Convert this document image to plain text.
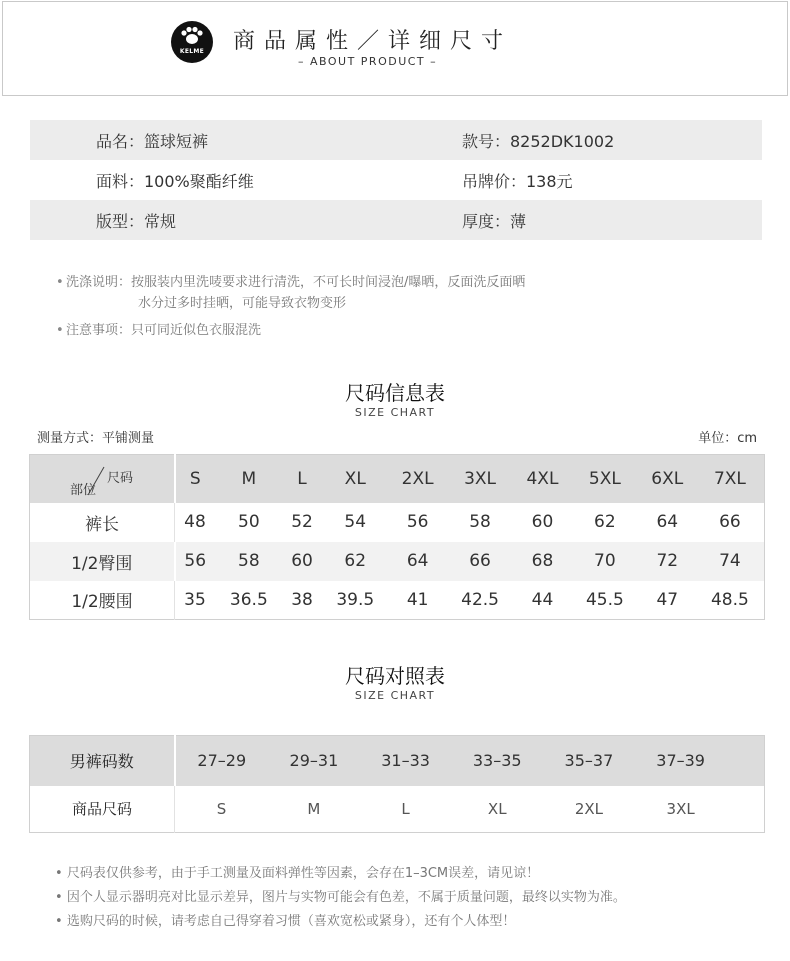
KELME	商品属性／详细尺寸
– ABOUT PRODUCT –
品名：篮球短裤	款号：8252DK1002
面料：100%聚酯纤维	吊牌价：138元
版型：常规	厚度：薄
• 洗涤说明：按服装内里洗唛要求进行清洗，不可长时间浸泡/曝晒，反面洗反面晒
水分过多时挂晒，可能导致衣物变形
• 注意事项：只可同近似色衣服混洗
尺码信息表
SIZE CHART
测量方式：平铺测量	单位：cm
尺码
部位	S	M	L	XL	2XL	3XL	4XL	5XL	6XL	7XL
裤长	48	50	52	54	56	58	60	62	64	66
1/2臀围	56	58	60	62	64	66	68	70	72	74
1/2腰围	35	36.5	38	39.5	41	42.5	44	45.5	47	48.5
尺码对照表
SIZE CHART
男裤码数	27–29	29–31	31–33	33–35	35–37	37–39	
商品尺码	S	M	L	XL	2XL	3XL	
• 尺码表仅供参考，由于手工测量及面料弹性等因素，会存在1–3CM误差，请见谅！
• 因个人显示器明亮对比显示差异，图片与实物可能会有色差，不属于质量问题，最终以实物为准。
• 选购尺码的时候，请考虑自己得穿着习惯（喜欢宽松或紧身），还有个人体型！
